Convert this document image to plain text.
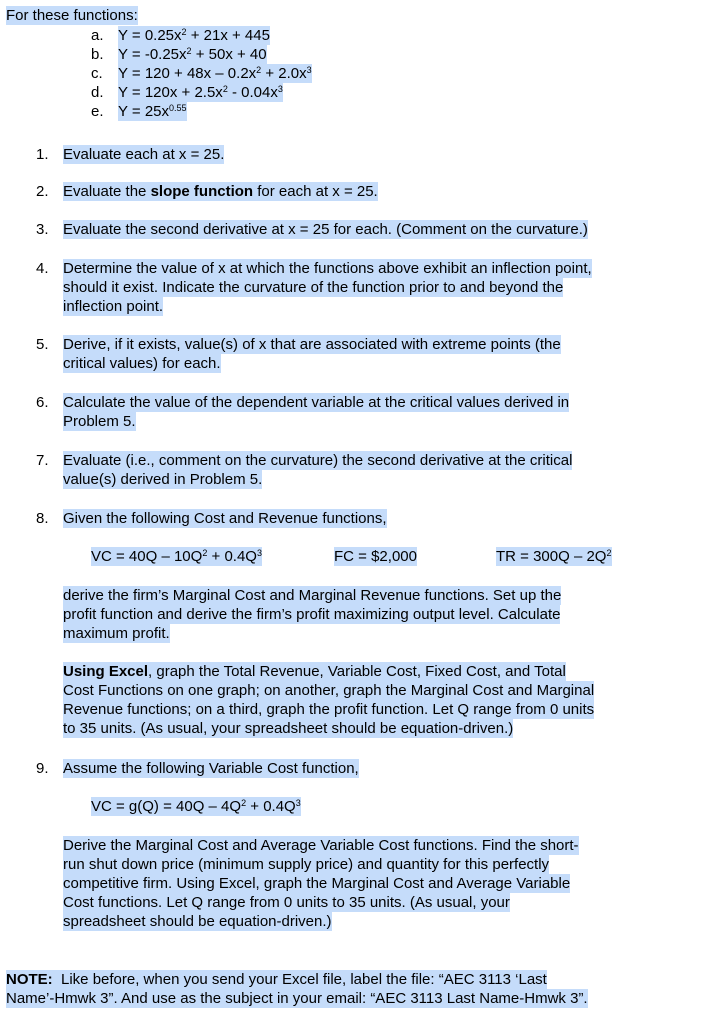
For these functions:
a. $Y = 0.25x^2 + 21x + 445$
b. $Y = -0.25x^2 + 50x + 40$
c. $Y = 120 + 48x - 0.2x^2 + 2.0x^3$
d. $Y = 120x + 2.5x^2 - 0.04x^3$
e. $Y = 25x^{0.55}$
1. Evaluate each at x = 25.
2. Evaluate the slope function for each at x = 25.
3. Evaluate the second derivative at x = 25 for each. (Comment on the curvature.)
4. Determine the value of x at which the functions above exhibit an inflection point,
should it exist. Indicate the curvature of the function prior to and beyond the
inflection point.
5. Derive, if it exists, value(s) of x that are associated with extreme points (the
critical values) for each.
6. Calculate the value of the dependent variable at the critical values derived in
Problem 5.
7. Evaluate (i.e., comment on the curvature) the second derivative at the critical
value(s) derived in Problem 5.
8. Given the following Cost and Revenue functions,
VC = $40Q - 10Q^2 + 0.4Q^3$	FC = $2,000	TR = $300Q - 2Q^2$
derive the firm’s Marginal Cost and Marginal Revenue functions. Set up the
profit function and derive the firm’s profit maximizing output level. Calculate
maximum profit.
Using Excel, graph the Total Revenue, Variable Cost, Fixed Cost, and Total
Cost Functions on one graph; on another, graph the Marginal Cost and Marginal
Revenue functions; on a third, graph the profit function. Let Q range from 0 units
to 35 units. (As usual, your spreadsheet should be equation-driven.)
9. Assume the following Variable Cost function,
VC = $g(Q) = 40Q - 4Q^2 + 0.4Q^3$
Derive the Marginal Cost and Average Variable Cost functions. Find the short-
run shut down price (minimum supply price) and quantity for this perfectly
competitive firm. Using Excel, graph the Marginal Cost and Average Variable
Cost functions. Let Q range from 0 units to 35 units. (As usual, your
spreadsheet should be equation-driven.)
NOTE:  Like before, when you send your Excel file, label the file: “AEC 3113 ‘Last
Name’-Hmwk 3”. And use as the subject in your email: “AEC 3113 Last Name-Hmwk 3”.
